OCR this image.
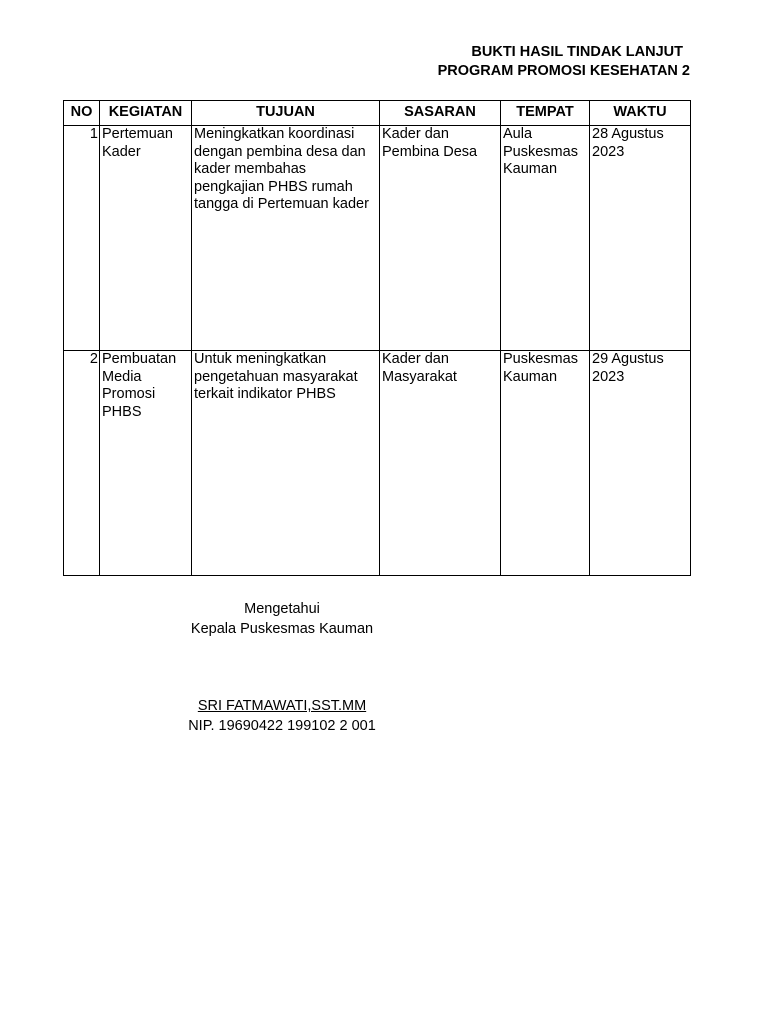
BUKTI HASIL TINDAK LANJUT
PROGRAM PROMOSI KESEHATAN 2
NO	KEGIATAN	TUJUAN	SASARAN	TEMPAT	WAKTU
1	Pertemuan Kader	Meningkatkan koordinasi dengan pembina desa dan kader membahas pengkajian PHBS rumah tangga di Pertemuan kader	Kader dan Pembina Desa	Aula Puskesmas Kauman	28 Agustus 2023
2	Pembuatan Media Promosi PHBS	Untuk meningkatkan pengetahuan masyarakat terkait indikator PHBS	Kader dan Masyarakat	Puskesmas Kauman	29 Agustus 2023
Mengetahui
Kepala Puskesmas Kauman
SRI FATMAWATI,SST.MM
NIP. 19690422 199102 2 001
